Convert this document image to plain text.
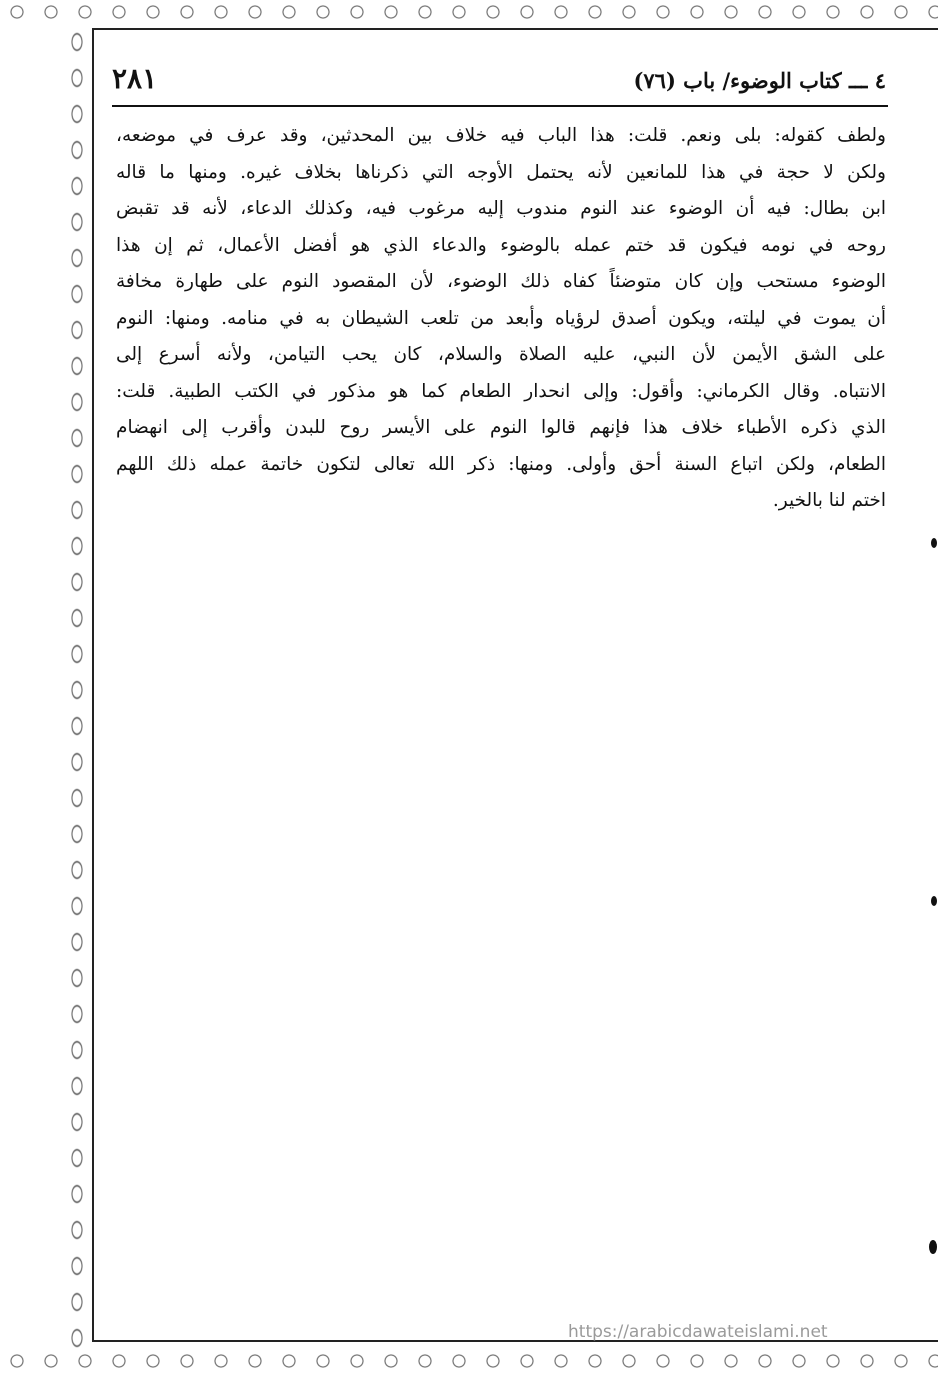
٢٨١	٤ ـــ كتاب الوضوء/ باب (٧٦)
ولطف كقوله: بلى ونعم. قلت: هذا الباب فيه خلاف بين المحدثين، وقد عرف في موضعه،
ولكن لا حجة في هذا للمانعين لأنه يحتمل الأوجه التي ذكرناها بخلاف غيره. ومنها ما قاله
ابن بطال: فيه أن الوضوء عند النوم مندوب إليه مرغوب فيه، وكذلك الدعاء، لأنه قد تقبض
روحه في نومه فيكون قد ختم عمله بالوضوء والدعاء الذي هو أفضل الأعمال، ثم إن هذا
الوضوء مستحب وإن كان متوضئاً كفاه ذلك الوضوء، لأن المقصود النوم على طهارة مخافة
أن يموت في ليلته، ويكون أصدق لرؤياه وأبعد من تلعب الشيطان به في منامه. ومنها: النوم
على الشق الأيمن لأن النبي، عليه الصلاة والسلام، كان يحب التيامن، ولأنه أسرع إلى
الانتباه. وقال الكرماني: وأقول: وإلى انحدار الطعام كما هو مذكور في الكتب الطبية. قلت:
الذي ذكره الأطباء خلاف هذا فإنهم قالوا النوم على الأيسر روح للبدن وأقرب إلى انهضام
الطعام، ولكن اتباع السنة أحق وأولى. ومنها: ذكر الله تعالى لتكون خاتمة عمله ذلك اللهم
اختم لنا بالخير.
https://arabicdawateislami.net
